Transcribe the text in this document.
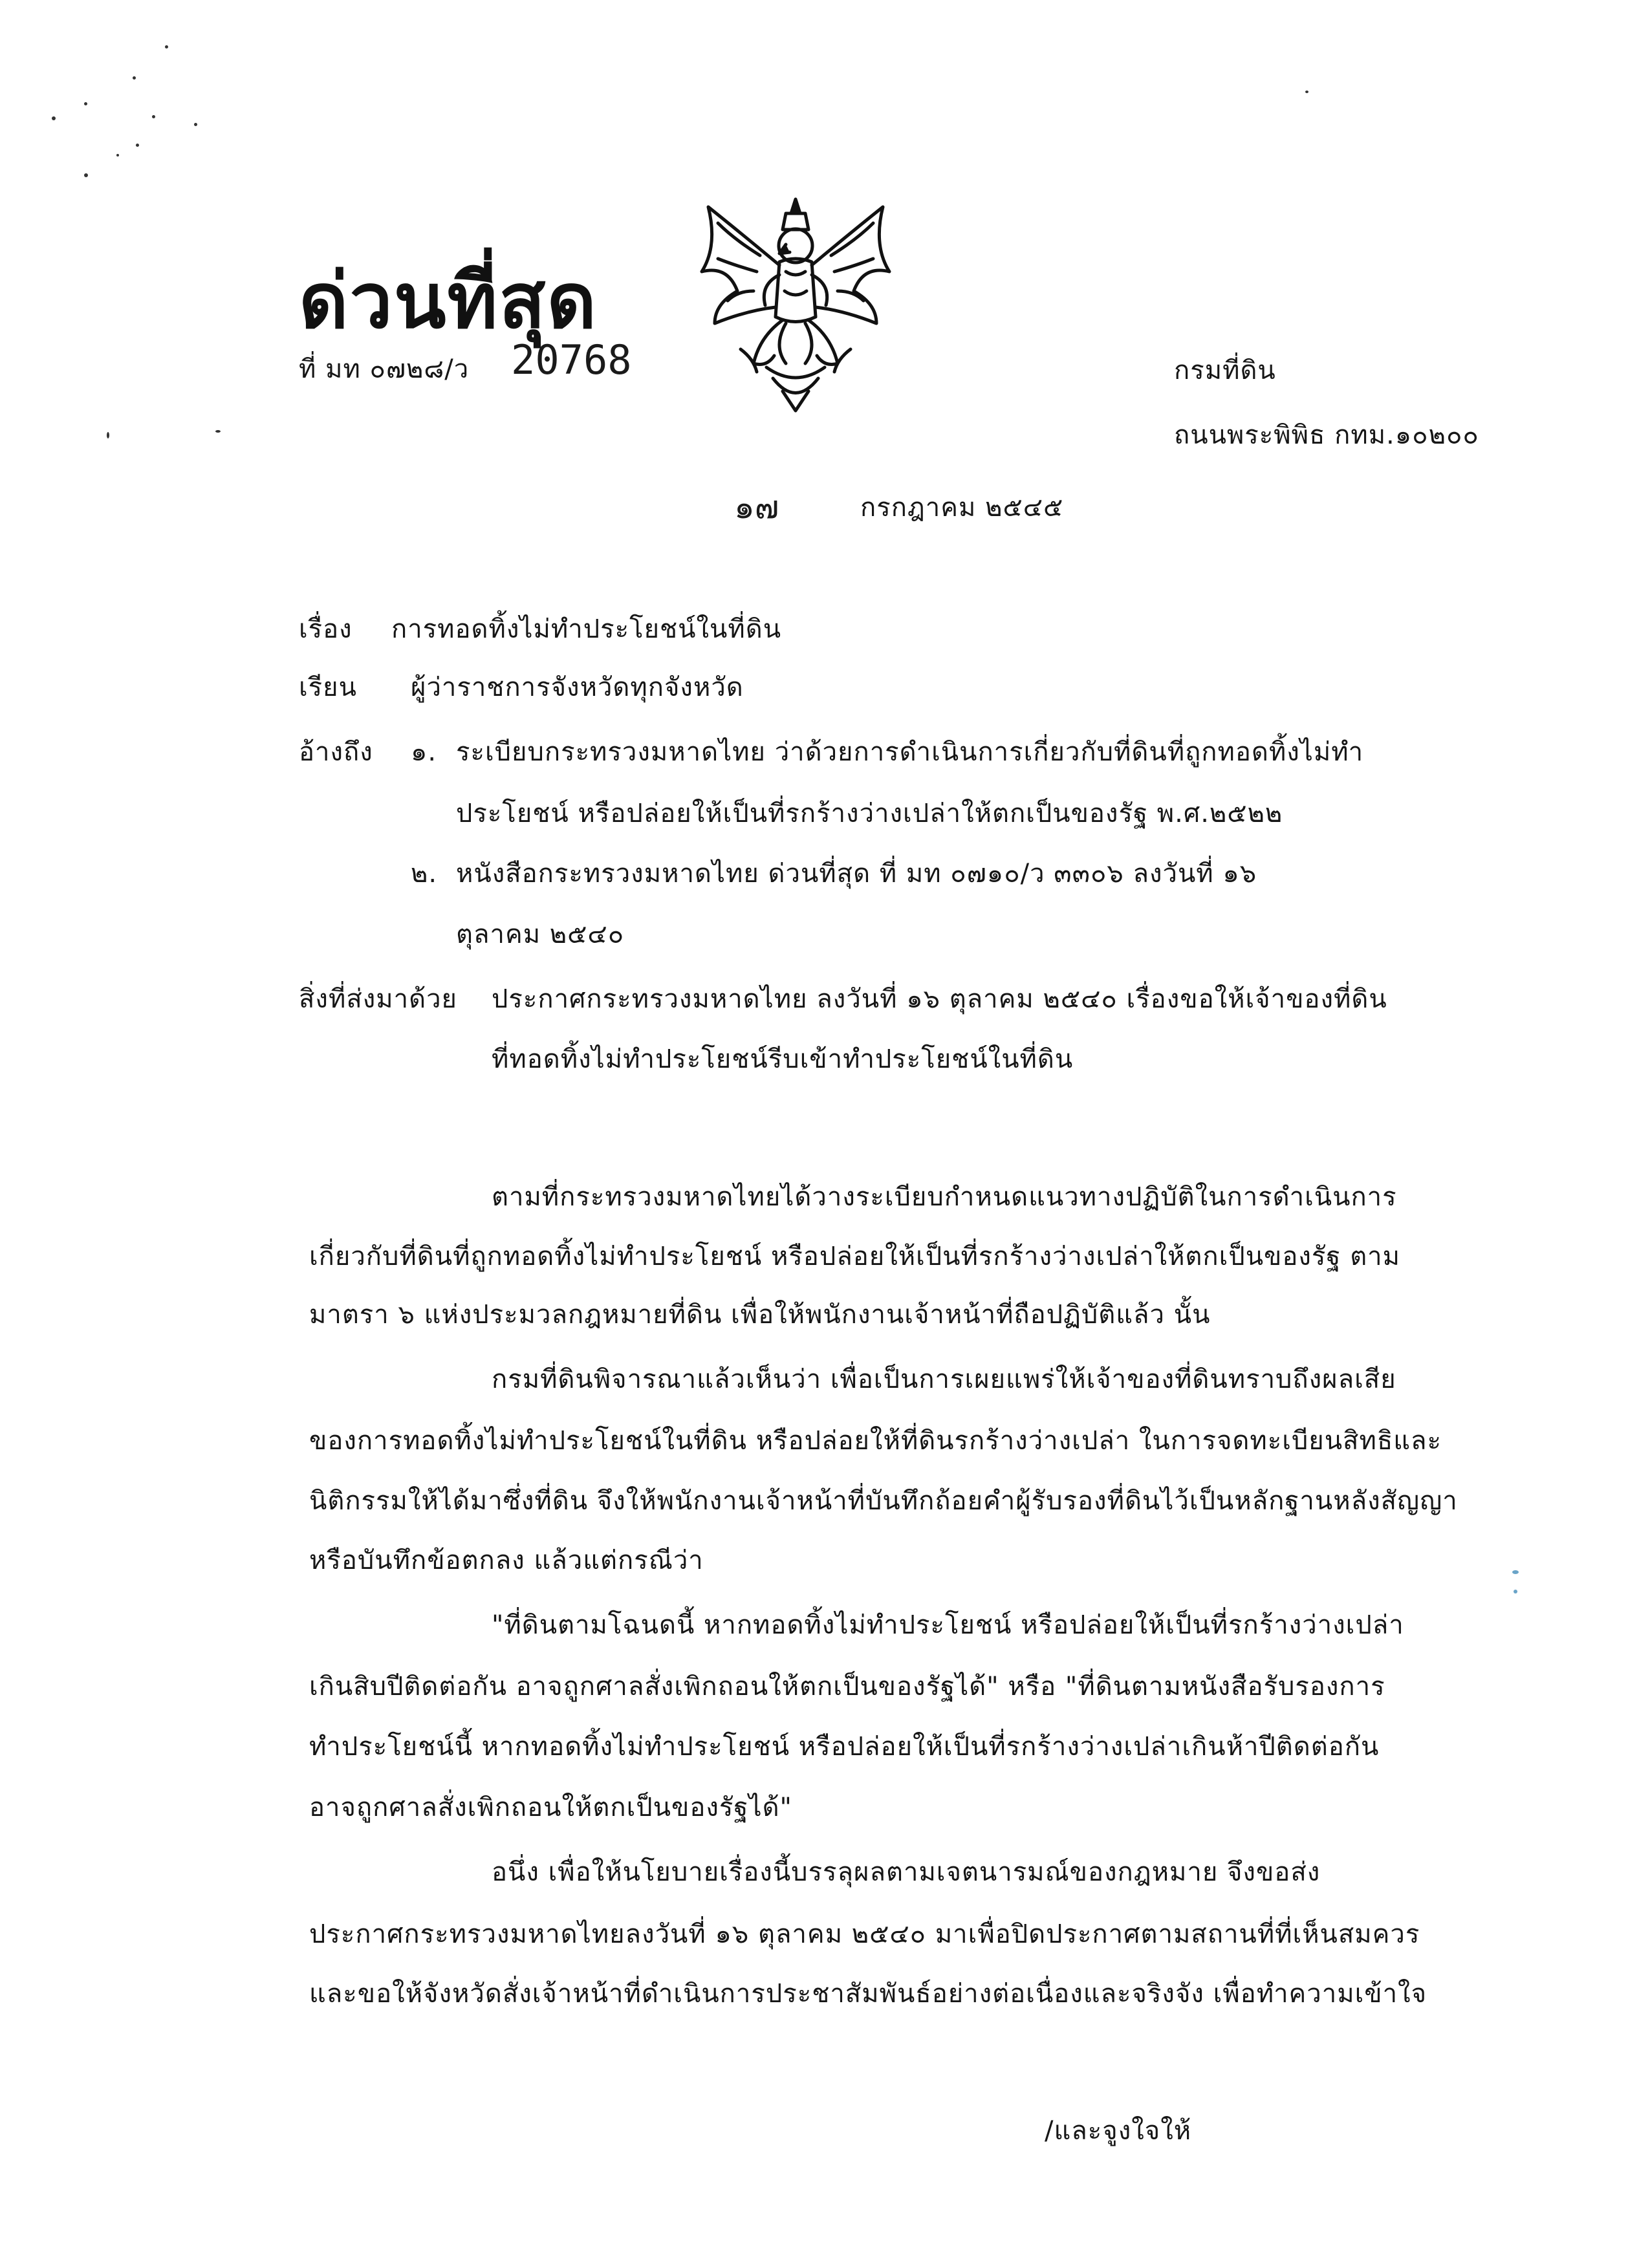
ด่วนที่สุด
ที่ มท ๐๗๒๘/ว 20768	กรมที่ดิน
ถนนพระพิพิธ กทม.๑๐๒๐๐
๑๗	กรกฎาคม ๒๕๔๕
เรื่อง การทอดทิ้งไม่ทำประโยชน์ในที่ดิน
เรียน ผู้ว่าราชการจังหวัดทุกจังหวัด
อ้างถึง ๑. ระเบียบกระทรวงมหาดไทย ว่าด้วยการดำเนินการเกี่ยวกับที่ดินที่ถูกทอดทิ้งไม่ทำ
ประโยชน์ หรือปล่อยให้เป็นที่รกร้างว่างเปล่าให้ตกเป็นของรัฐ พ.ศ.๒๕๒๒
๒. หนังสือกระทรวงมหาดไทย ด่วนที่สุด ที่ มท ๐๗๑๐/ว ๓๓๐๖ ลงวันที่ ๑๖
ตุลาคม ๒๕๔๐
สิ่งที่ส่งมาด้วย ประกาศกระทรวงมหาดไทย ลงวันที่ ๑๖ ตุลาคม ๒๕๔๐ เรื่องขอให้เจ้าของที่ดิน
ที่ทอดทิ้งไม่ทำประโยชน์รีบเข้าทำประโยชน์ในที่ดิน
ตามที่กระทรวงมหาดไทยได้วางระเบียบกำหนดแนวทางปฏิบัติในการดำเนินการ
เกี่ยวกับที่ดินที่ถูกทอดทิ้งไม่ทำประโยชน์ หรือปล่อยให้เป็นที่รกร้างว่างเปล่าให้ตกเป็นของรัฐ ตาม
มาตรา ๖ แห่งประมวลกฎหมายที่ดิน เพื่อให้พนักงานเจ้าหน้าที่ถือปฏิบัติแล้ว นั้น
กรมที่ดินพิจารณาแล้วเห็นว่า เพื่อเป็นการเผยแพร่ให้เจ้าของที่ดินทราบถึงผลเสีย
ของการทอดทิ้งไม่ทำประโยชน์ในที่ดิน หรือปล่อยให้ที่ดินรกร้างว่างเปล่า ในการจดทะเบียนสิทธิและ
นิติกรรมให้ได้มาซึ่งที่ดิน จึงให้พนักงานเจ้าหน้าที่บันทึกถ้อยคำผู้รับรองที่ดินไว้เป็นหลักฐานหลังสัญญา
หรือบันทึกข้อตกลง แล้วแต่กรณีว่า
"ที่ดินตามโฉนดนี้ หากทอดทิ้งไม่ทำประโยชน์ หรือปล่อยให้เป็นที่รกร้างว่างเปล่า
เกินสิบปีติดต่อกัน อาจถูกศาลสั่งเพิกถอนให้ตกเป็นของรัฐได้" หรือ "ที่ดินตามหนังสือรับรองการ
ทำประโยชน์นี้ หากทอดทิ้งไม่ทำประโยชน์ หรือปล่อยให้เป็นที่รกร้างว่างเปล่าเกินห้าปีติดต่อกัน
อาจถูกศาลสั่งเพิกถอนให้ตกเป็นของรัฐได้"
อนึ่ง เพื่อให้นโยบายเรื่องนี้บรรลุผลตามเจตนารมณ์ของกฎหมาย จึงขอส่ง
ประกาศกระทรวงมหาดไทยลงวันที่ ๑๖ ตุลาคม ๒๕๔๐ มาเพื่อปิดประกาศตามสถานที่ที่เห็นสมควร
และขอให้จังหวัดสั่งเจ้าหน้าที่ดำเนินการประชาสัมพันธ์อย่างต่อเนื่องและจริงจัง เพื่อทำความเข้าใจ
/และจูงใจให้
